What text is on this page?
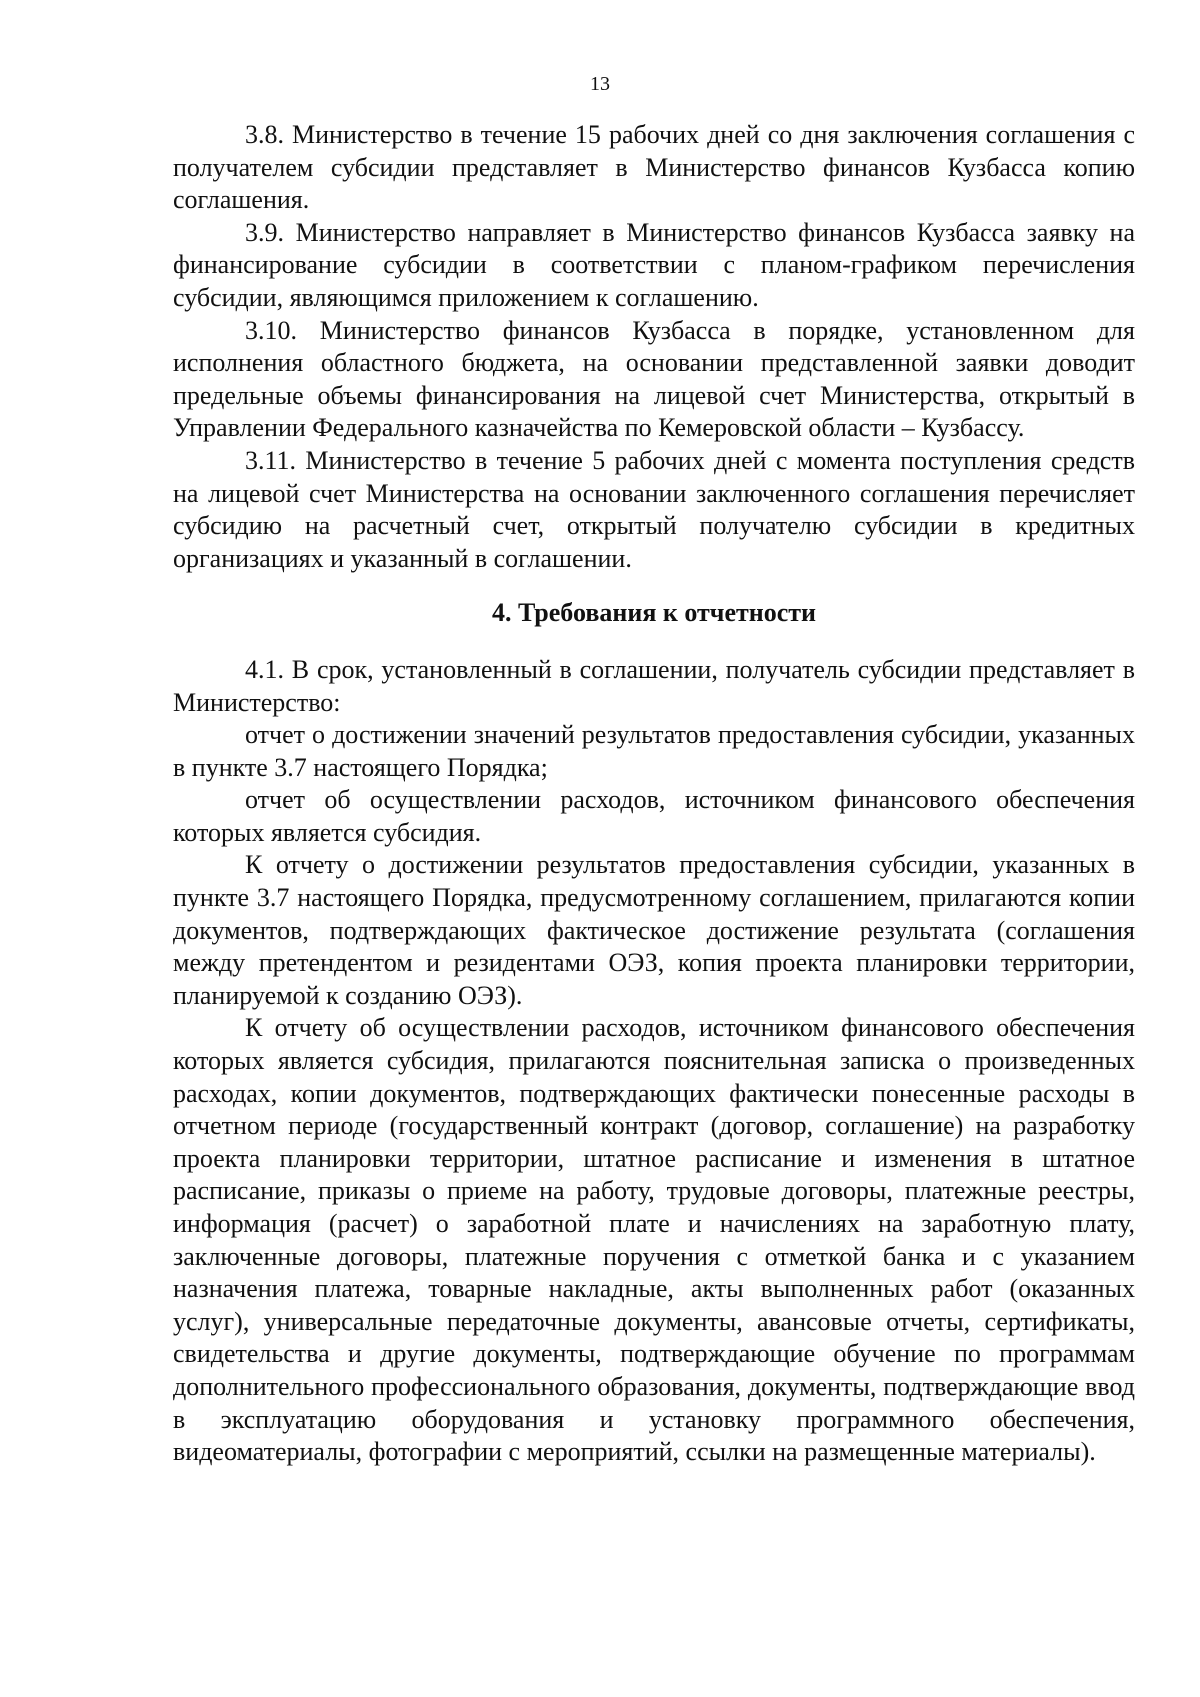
13

3.8. Министерство в течение 15 рабочих дней со дня заключения соглашения с получателем субсидии представляет в Министерство финансов Кузбасса копию соглашения.

3.9. Министерство направляет в Министерство финансов Кузбасса заявку на финансирование субсидии в соответствии с планом-графиком перечисления субсидии, являющимся приложением к соглашению.

3.10. Министерство финансов Кузбасса в порядке, установленном для исполнения областного бюджета, на основании представленной заявки доводит предельные объемы финансирования на лицевой счет Министерства, открытый в Управлении Федерального казначейства по Кемеровской области – Кузбассу.

3.11. Министерство в течение 5 рабочих дней с момента поступления средств на лицевой счет Министерства на основании заключенного соглашения перечисляет субсидию на расчетный счет, открытый получателю субсидии в кредитных организациях и указанный в соглашении.

4. Требования к отчетности

4.1. В срок, установленный в соглашении, получатель субсидии представляет в Министерство:

отчет о достижении значений результатов предоставления субсидии, указанных в пункте 3.7 настоящего Порядка;

отчет об осуществлении расходов, источником финансового обеспечения которых является субсидия.

К отчету о достижении результатов предоставления субсидии, указанных в пункте 3.7 настоящего Порядка, предусмотренному соглашением, прилагаются копии документов, подтверждающих фактическое достижение результата (соглашения между претендентом и резидентами ОЭЗ, копия проекта планировки территории, планируемой к созданию ОЭЗ).

К отчету об осуществлении расходов, источником финансового обеспечения которых является субсидия, прилагаются пояснительная записка о произведенных расходах, копии документов, подтверждающих фактически понесенные расходы в отчетном периоде (государственный контракт (договор, соглашение) на разработку проекта планировки территории, штатное расписание и изменения в штатное расписание, приказы о приеме на работу, трудовые договоры, платежные реестры, информация (расчет) о заработной плате и начислениях на заработную плату, заключенные договоры, платежные поручения с отметкой банка и с указанием назначения платежа, товарные накладные, акты выполненных работ (оказанных услуг), универсальные передаточные документы, авансовые отчеты, сертификаты, свидетельства и другие документы, подтверждающие обучение по программам дополнительного профессионального образования, документы, подтверждающие ввод в эксплуатацию оборудования и установку программного обеспечения, видеоматериалы, фотографии с мероприятий, ссылки на размещенные материалы).
